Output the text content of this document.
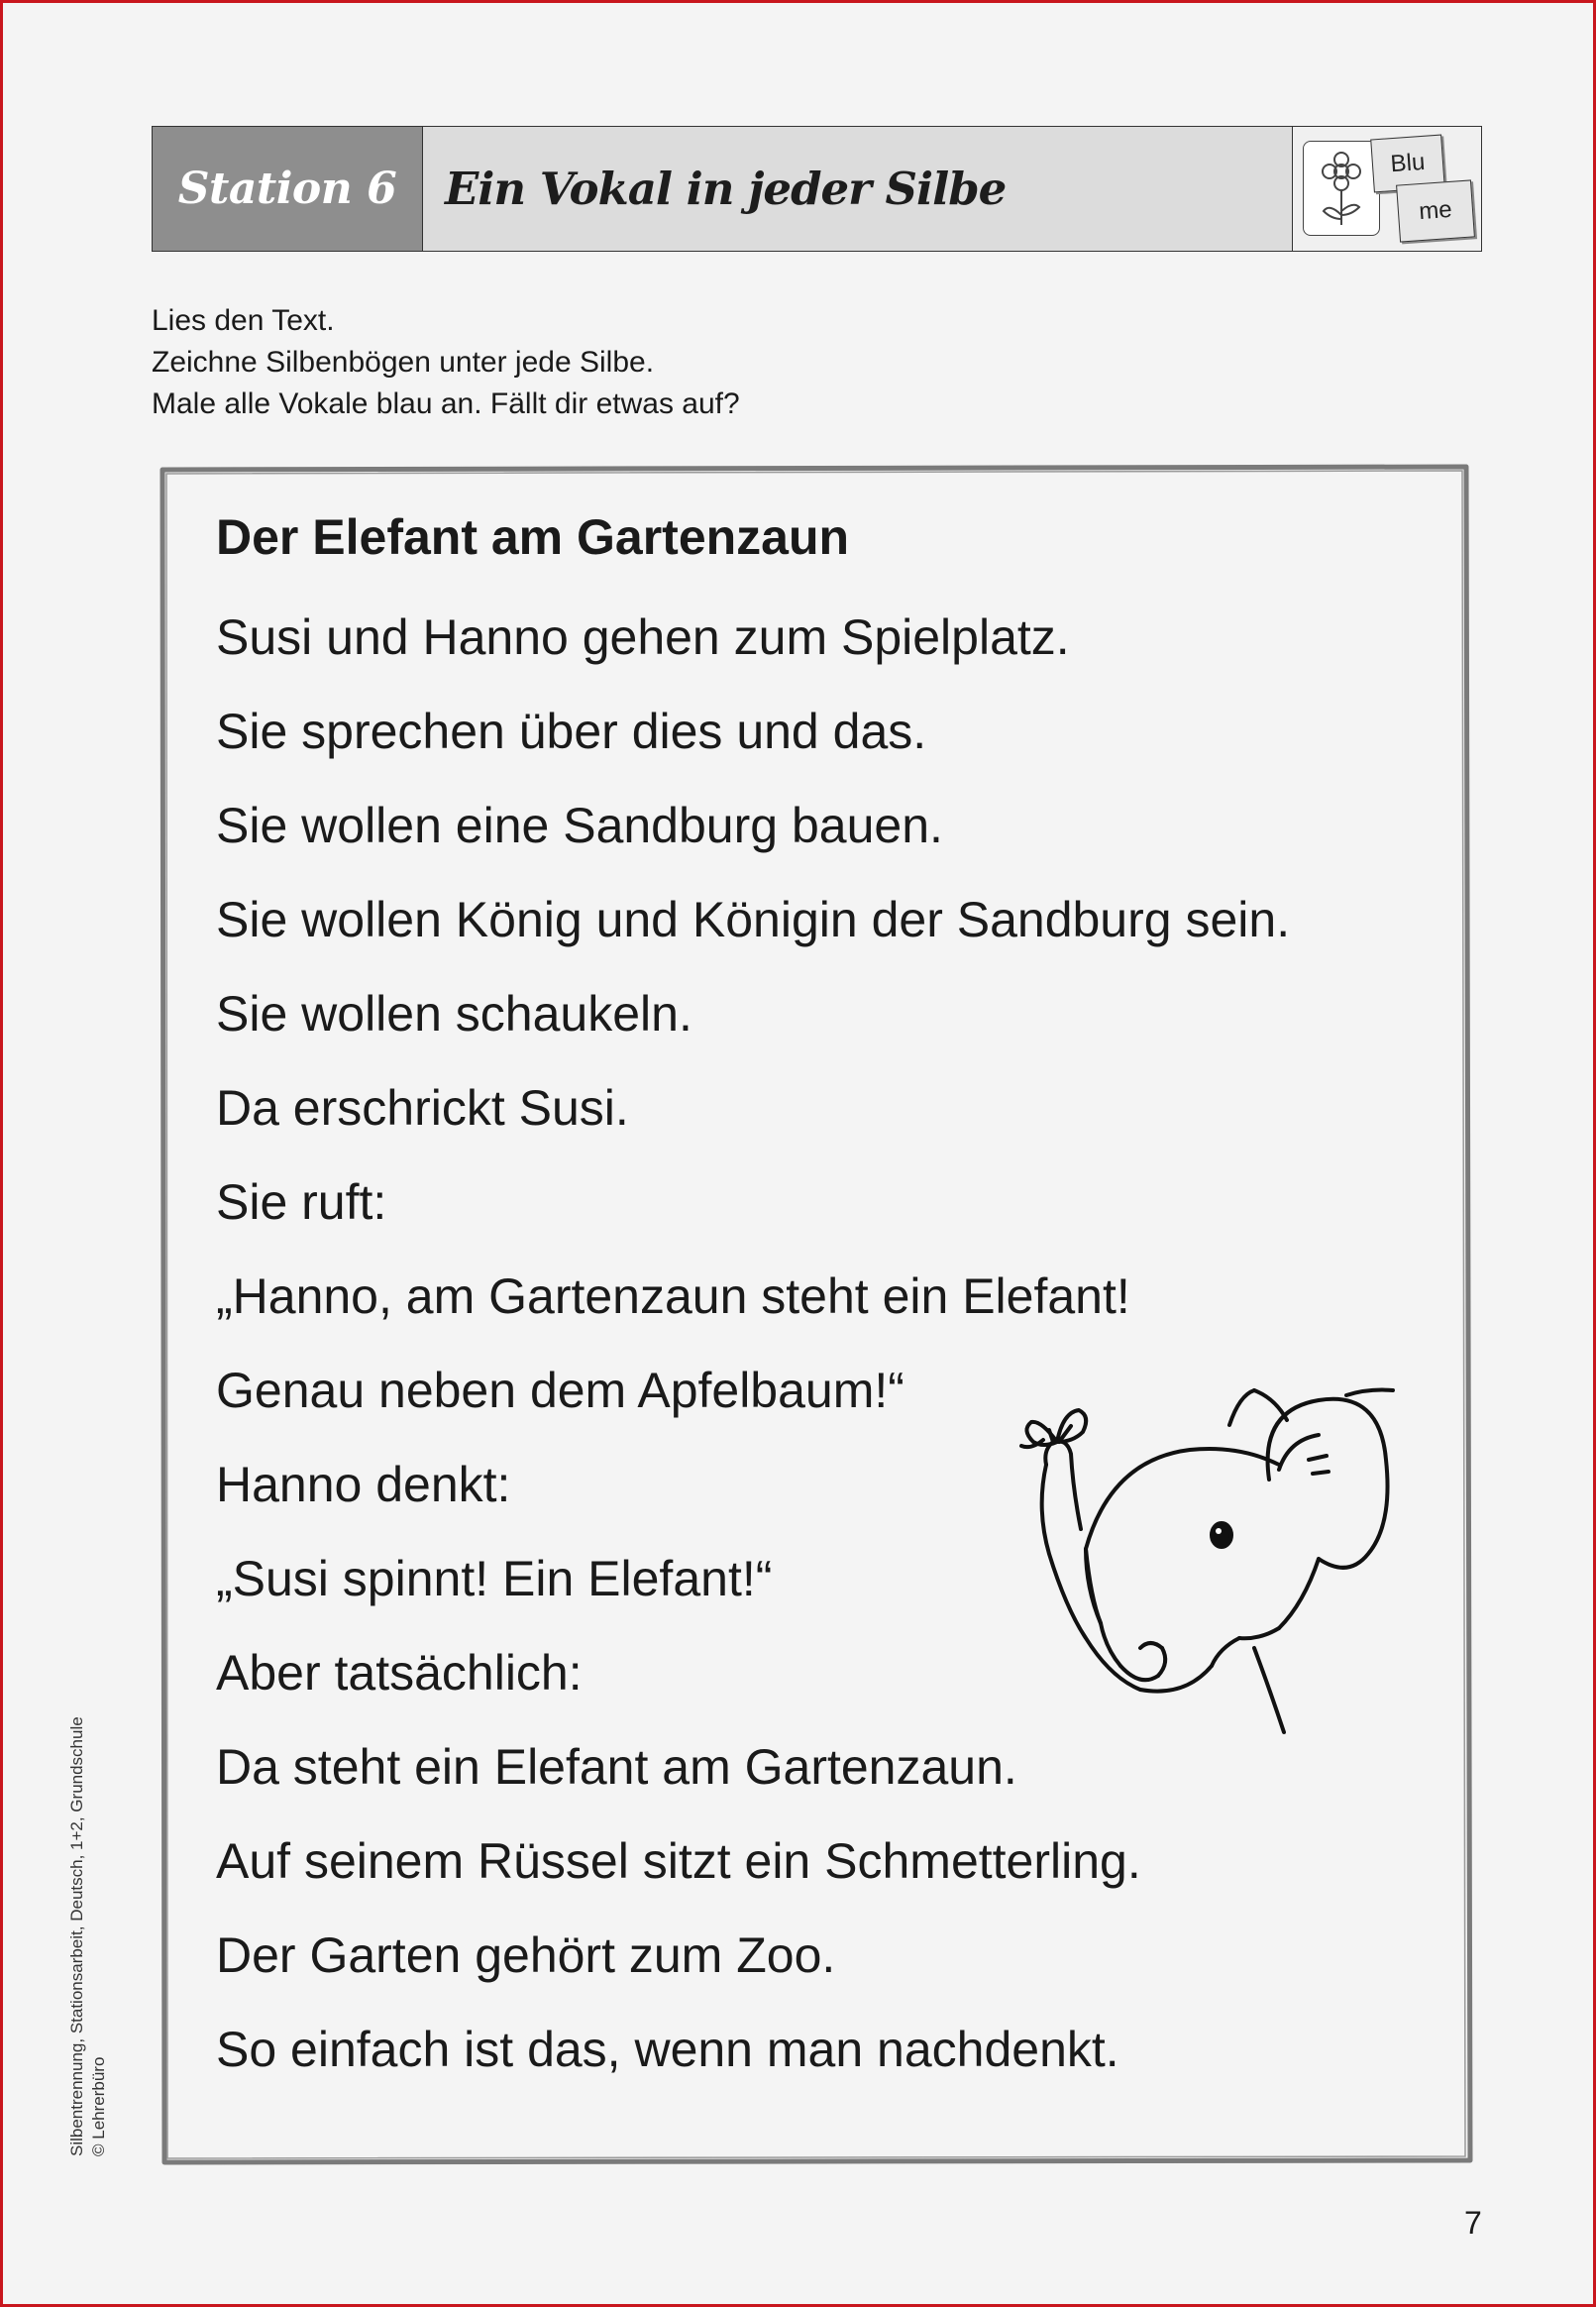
Station 6	Ein Vokal in jeder Silbe	Blu
me
Lies den Text.
Zeichne Silbenbögen unter jede Silbe.
Male alle Vokale blau an. Fällt dir etwas auf?
Der Elefant am Gartenzaun
Susi und Hanno gehen zum Spielplatz.
Sie sprechen über dies und das.
Sie wollen eine Sandburg bauen.
Sie wollen König und Königin der Sandburg sein.
Sie wollen schaukeln.
Da erschrickt Susi.
Sie ruft:
„Hanno, am Gartenzaun steht ein Elefant!
Genau neben dem Apfelbaum!“
Hanno denkt:
„Susi spinnt! Ein Elefant!“
Aber tatsächlich:
Da steht ein Elefant am Gartenzaun.
Auf seinem Rüssel sitzt ein Schmetterling.
Der Garten gehört zum Zoo.
So einfach ist das, wenn man nachdenkt.
Silbentrennung, Stationsarbeit, Deutsch, 1+2, Grundschule © Lehrerbüro
7
